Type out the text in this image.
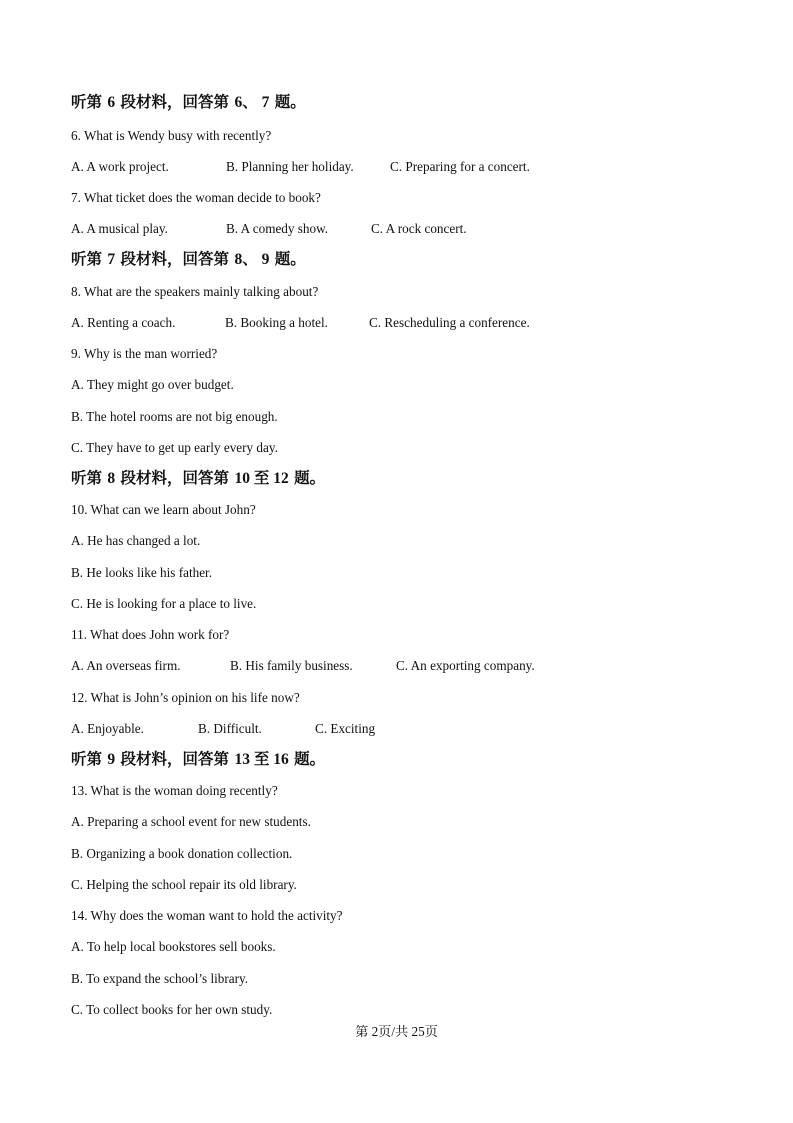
听第 6 段材料，回答第 6、 7 题。
6. What is Wendy busy with recently?
A. A work project.	B. Planning her holiday.	C. Preparing for a concert.
7. What ticket does the woman decide to book?
A. A musical play.	B. A comedy show.	C. A rock concert.
听第 7 段材料，回答第 8、 9 题。
8. What are the speakers mainly talking about?
A. Renting a coach.	B. Booking a hotel.	C. Rescheduling a conference.
9. Why is the man worried?
A. They might go over budget.
B. The hotel rooms are not big enough.
C. They have to get up early every day.
听第 8 段材料，回答第 10 至 12 题。
10. What can we learn about John?
A. He has changed a lot.
B. He looks like his father.
C. He is looking for a place to live.
11. What does John work for?
A. An overseas firm.	B. His family business.	C. An exporting company.
12. What is John’s opinion on his life now?
A. Enjoyable.	B. Difficult.	C. Exciting
听第 9 段材料，回答第 13 至 16 题。
13. What is the woman doing recently?
A. Preparing a school event for new students.
B. Organizing a book donation collection.
C. Helping the school repair its old library.
14. Why does the woman want to hold the activity?
A. To help local bookstores sell books.
B. To expand the school’s library.
C. To collect books for her own study.
第 2页/共 25页
